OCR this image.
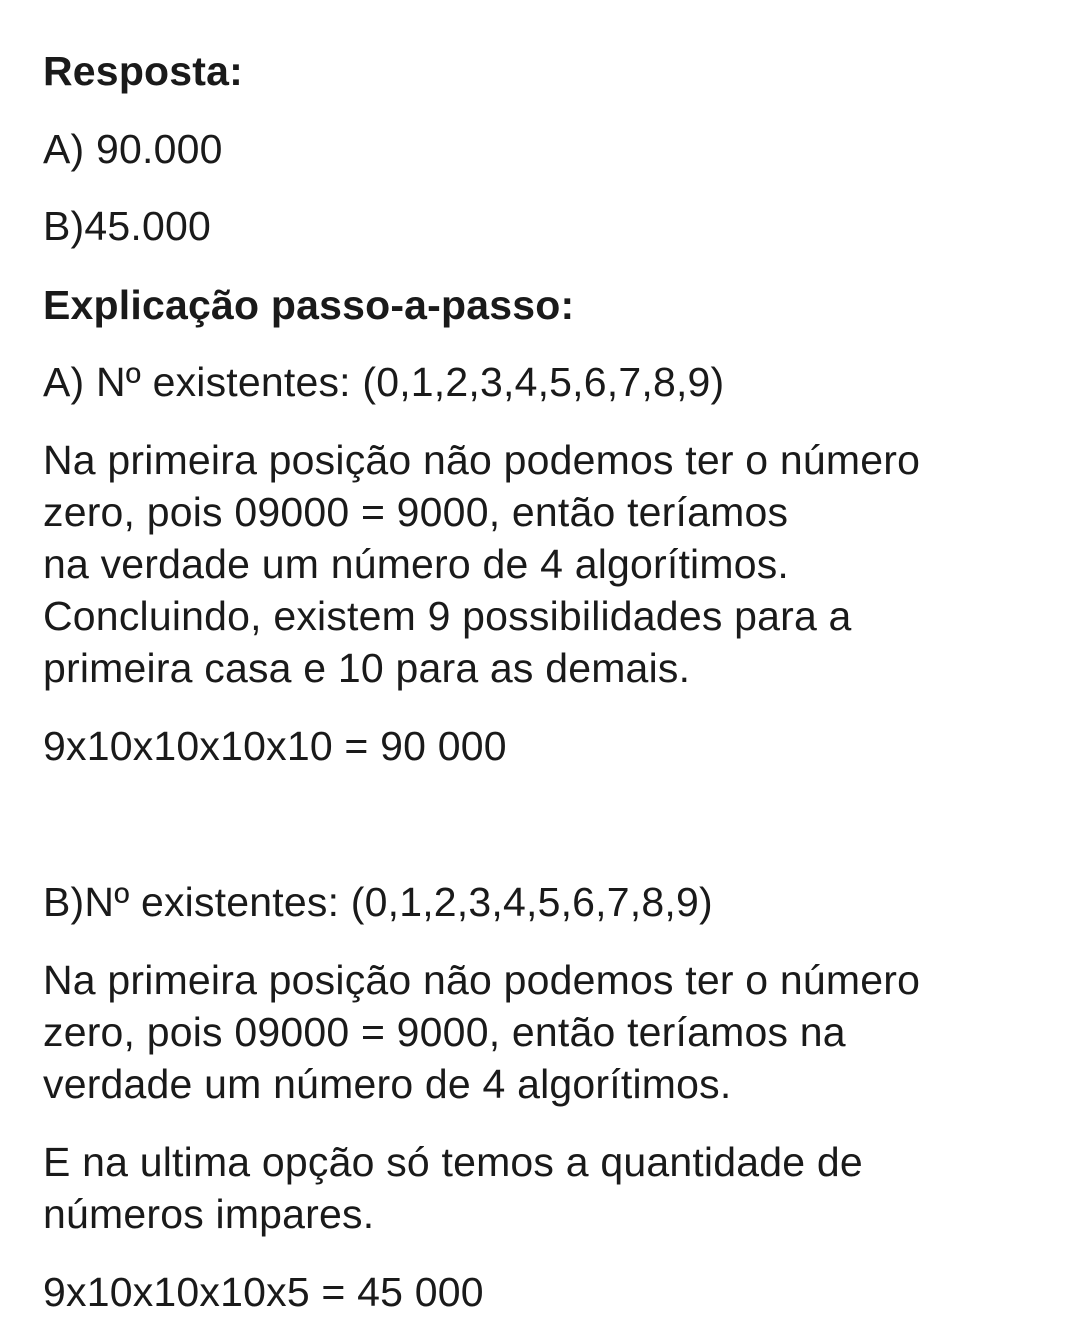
Resposta:
A) 90.000
B)45.000
Explicação passo-a-passo:
A) Nº existentes: (0,1,2,3,4,5,6,7,8,9)
Na primeira posição não podemos ter o número
zero, pois 09000 = 9000, então teríamos
na verdade um número de 4 algorítimos.
Concluindo, existem 9 possibilidades para a
primeira casa e 10 para as demais.
9x10x10x10x10 = 90 000
B)Nº existentes: (0,1,2,3,4,5,6,7,8,9)
Na primeira posição não podemos ter o número
zero, pois 09000 = 9000, então teríamos na
verdade um número de 4 algorítimos.
E na ultima opção só temos a quantidade de
números impares.
9x10x10x10x5 = 45 000
